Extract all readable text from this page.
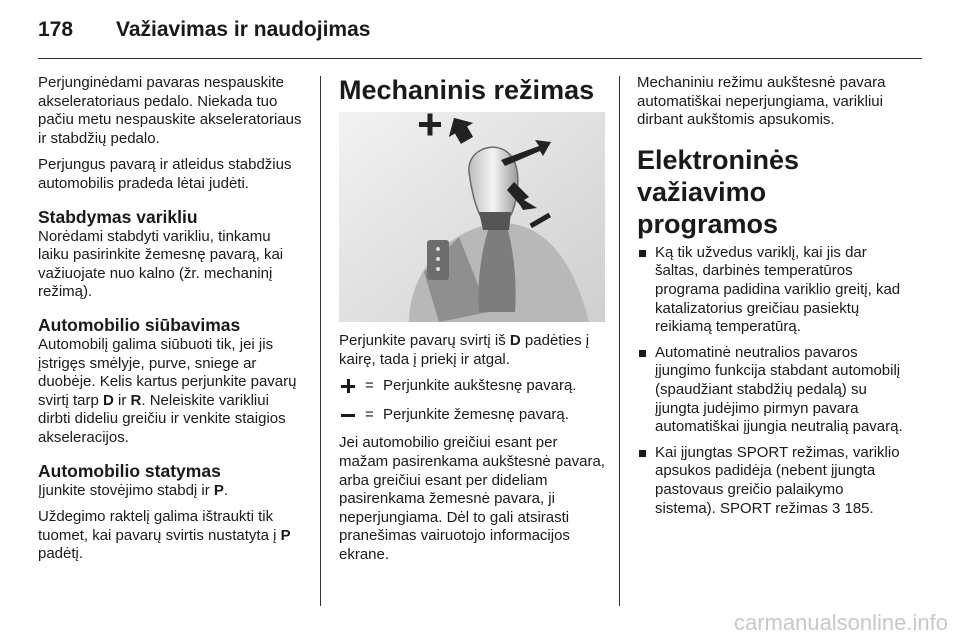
178 Važiavimas ir naudojimas

Perjunginėdami pavaras nespauskite akseleratoriaus pedalo. Niekada tuo pačiu metu nespauskite akseleratoriaus ir stabdžių pedalo.

Perjungus pavarą ir atleidus stabdžius automobilis pradeda lėtai judėti.

Stabdymas varikliu

Norėdami stabdyti varikliu, tinkamu laiku pasirinkite žemesnę pavarą, kai važiuojate nuo kalno (žr. mechaninį režimą).

Automobilio siūbavimas

Automobilį galima siūbuoti tik, jei jis įstrigęs smėlyje, purve, sniege ar duobėje. Kelis kartus perjunkite pavarų svirtį tarp D ir R. Neleiskite varikliui dirbti dideliu greičiu ir venkite staigios akseleracijos.

Automobilio statymas

Įjunkite stovėjimo stabdį ir P.

Uždegimo raktelį galima ištraukti tik tuomet, kai pavarų svirtis nustatyta į P padėtį.

Mechaninis režimas

Perjunkite pavarų svirtį iš D padėties į kairę, tada į priekį ir atgal.

= Perjunkite aukštesnę pavarą.
= Perjunkite žemesnę pavarą.

Jei automobilio greičiui esant per mažam pasirenkama aukštesnė pavara, arba greičiui esant per dideliam pasirenkama žemesnė pavara, ji neperjungiama. Dėl to gali atsirasti pranešimas vairuotojo informacijos ekrane.

Mechaniniu režimu aukštesnė pavara automatiškai neperjungiama, varikliui dirbant aukštomis apsukomis.

Elektroninės važiavimo programos
Ką tik užvedus variklį, kai jis dar šaltas, darbinės temperatūros programa padidina variklio greitį, kad katalizatorius greičiau pasiektų reikiamą temperatūrą.
Automatinė neutralios pavaros įjungimo funkcija stabdant automobilį (spaudžiant stabdžių pedalą) su įjungta judėjimo pirmyn pavara automatiškai įjungia neutralią pavarą.
Kai įjungtas SPORT režimas, variklio apsukos padidėja (nebent įjungta pastovaus greičio palaikymo sistema). SPORT režimas 3 185.
carmanualsonline.info
